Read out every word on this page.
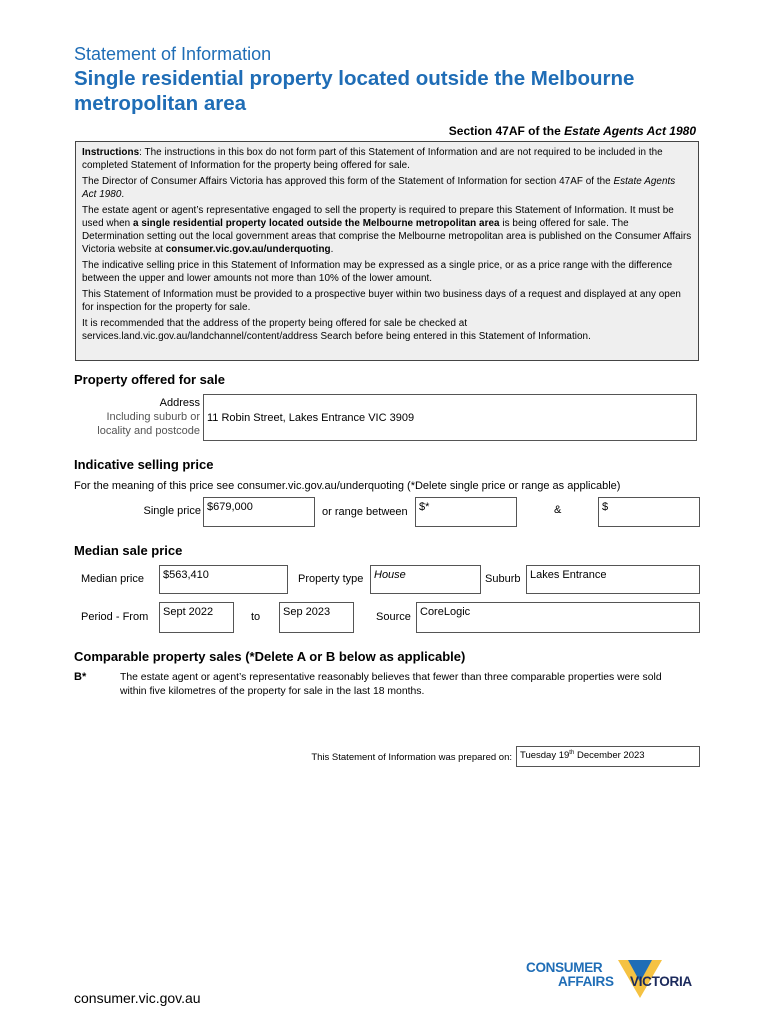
Statement of Information
Single residential property located outside the Melbourne metropolitan area
Section 47AF of the Estate Agents Act 1980

Instructions: The instructions in this box do not form part of this Statement of Information and are not required to be included in the completed Statement of Information for the property being offered for sale.

The Director of Consumer Affairs Victoria has approved this form of the Statement of Information for section 47AF of the Estate Agents Act 1980.

The estate agent or agent’s representative engaged to sell the property is required to prepare this Statement of Information. It must be used when a single residential property located outside the Melbourne metropolitan area is being offered for sale. The Determination setting out the local government areas that comprise the Melbourne metropolitan area is published on the Consumer Affairs Victoria website at consumer.vic.gov.au/underquoting.

The indicative selling price in this Statement of Information may be expressed as a single price, or as a price range with the difference between the upper and lower amounts not more than 10% of the lower amount.

This Statement of Information must be provided to a prospective buyer within two business days of a request and displayed at any open for inspection for the property for sale.

It is recommended that the address of the property being offered for sale be checked at services.land.vic.gov.au/landchannel/content/address Search before being entered in this Statement of Information.

Property offered for sale
Address
Including suburb or
locality and postcode
11 Robin Street, Lakes Entrance VIC 3909
Indicative selling price
For the meaning of this price see consumer.vic.gov.au/underquoting (*Delete single price or range as applicable)
Single price $679,000	or range between	$*	&	$
Median sale price
Median price	$563,410	Property type House	Suburb Lakes Entrance
Period - From	Sept 2022	to	Sep 2023	Source CoreLogic
Comparable property sales (*Delete A or B below as applicable)
B*	The estate agent or agent’s representative reasonably believes that fewer than three comparable properties were sold within five kilometres of the property for sale in the last 18 months.
This Statement of Information was prepared on: Tuesday 19th December 2023
CONSUMER
AFFAIRS VICTORIA
consumer.vic.gov.au
